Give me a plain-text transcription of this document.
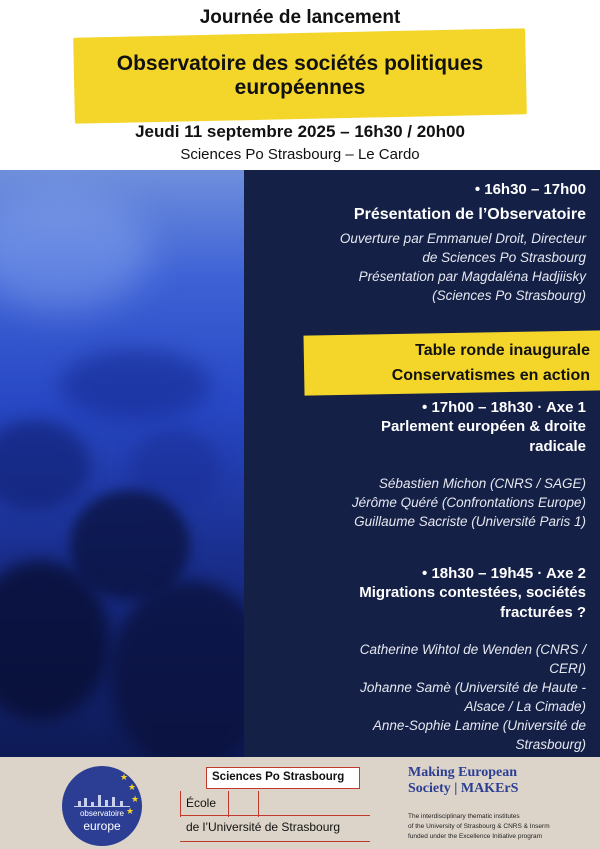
Journée de lancement
Observatoire des sociétés politiques
européennes
Jeudi 11 septembre 2025 – 16h30 / 20h00
Sciences Po Strasbourg – Le Cardo
• 16h30 – 17h00
Présentation de l’Observatoire
Ouverture par Emmanuel Droit, Directeur
de Sciences Po Strasbourg
Présentation par Magdaléna Hadjiisky
(Sciences Po Strasbourg)
Table ronde inaugurale
Conservatismes en action
• 17h00 – 18h30 · Axe 1
Parlement européen & droite
radicale
Sébastien Michon (CNRS / SAGE)
Jérôme Quéré (Confrontations Europe)
Guillaume Sacriste (Université Paris 1)
• 18h30 – 19h45 · Axe 2
Migrations contestées, sociétés
fracturées ?
Catherine Wihtol de Wenden (CNRS /
CERI)
Johanne Samè (Université de Haute -
Alsace / La Cimade)
Anne-Sophie Lamine (Université de
Strasbourg)
★
★
★
★
observatoire
europe
Sciences Po Strasbourg
École
de l’Université de Strasbourg
Making European
Society | MAKErS
The interdisciplinary thematic institutes
of the University of Strasbourg & CNRS & Inserm
funded under the Excellence Initiative program
